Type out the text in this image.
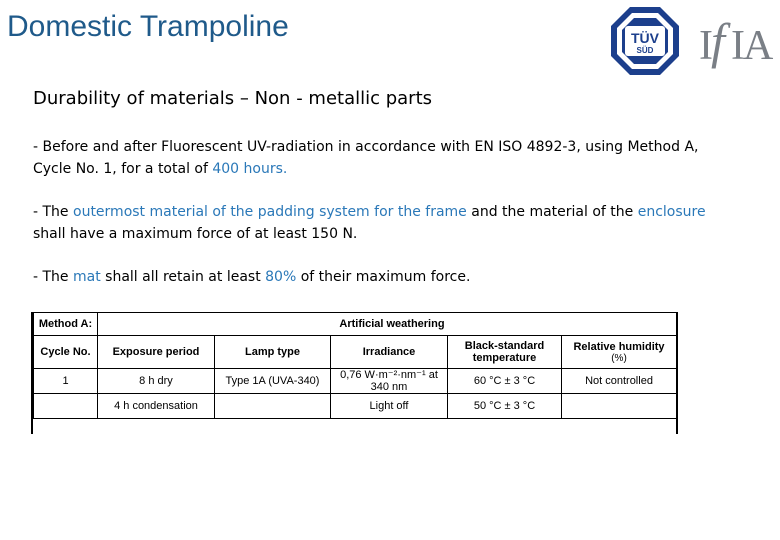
Domestic Trampoline	TÜV
SÜD I
f I
A
Durability of materials – Non - metallic parts
- Before and after Fluorescent UV-radiation in accordance with EN ISO 4892-3, using Method A, Cycle No. 1, for a total of 400 hours.
- The outermost material of the padding system for the frame and the material of the enclosure shall have a maximum force of at least 150 N.
- The mat shall all retain at least 80% of their maximum force.
Method A:	Artificial weathering				
Cycle No.	Exposure period	Lamp type	Irradiance	Black-standard temperature	Relative humidity
(%)

1	8 h dry	Type 1A (UVA-340)	0,76 W·m⁻²·nm⁻¹ at 340 nm	60 °C ± 3 °C	Not controlled
	4 h condensation		Light off	50 °C ± 3 °C	
